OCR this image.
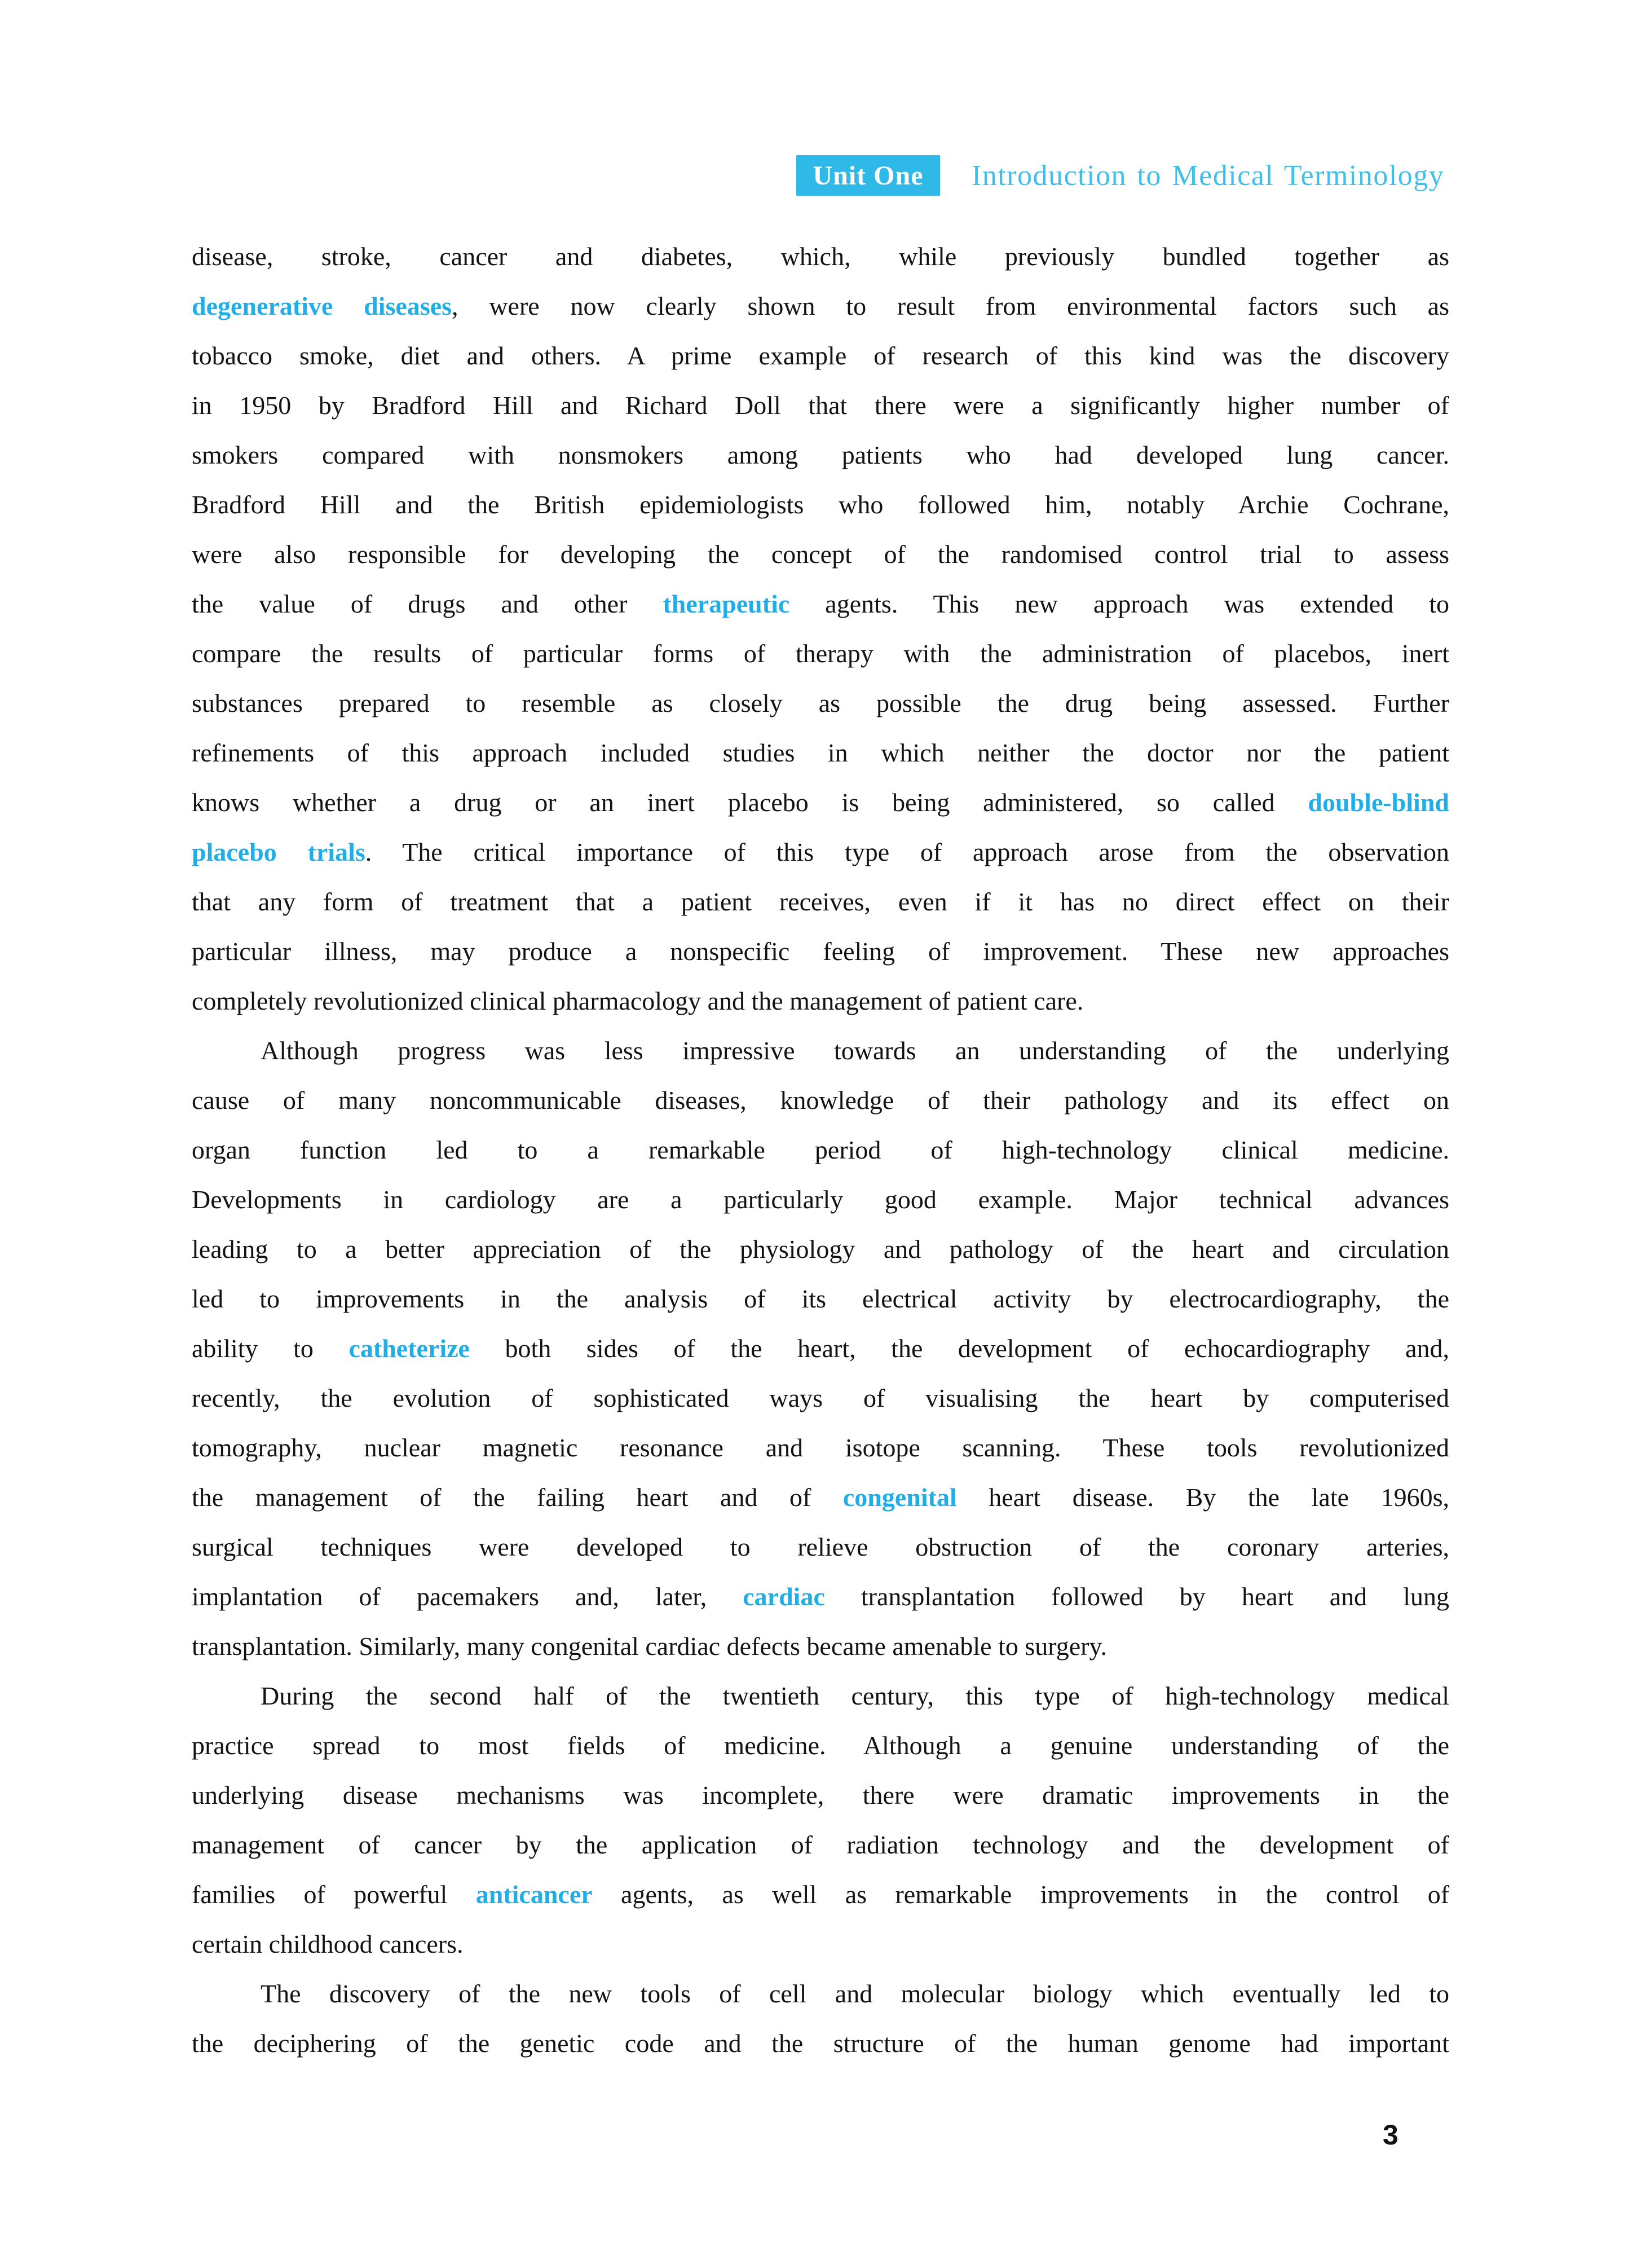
Unit One	Introduction to Medical Terminology
disease, stroke, cancer and diabetes, which, while previously bundled together as
degenerative diseases, were now clearly shown to result from environmental factors such as
tobacco smoke, diet and others. A prime example of research of this kind was the discovery
in 1950 by Bradford Hill and Richard Doll that there were a significantly higher number of
smokers compared with nonsmokers among patients who had developed lung cancer.
Bradford Hill and the British epidemiologists who followed him, notably Archie Cochrane,
were also responsible for developing the concept of the randomised control trial to assess
the value of drugs and other therapeutic agents. This new approach was extended to
compare the results of particular forms of therapy with the administration of placebos, inert
substances prepared to resemble as closely as possible the drug being assessed. Further
refinements of this approach included studies in which neither the doctor nor the patient
knows whether a drug or an inert placebo is being administered, so called double-blind
placebo trials. The critical importance of this type of approach arose from the observation
that any form of treatment that a patient receives, even if it has no direct effect on their
particular illness, may produce a nonspecific feeling of improvement. These new approaches
completely revolutionized clinical pharmacology and the management of patient care.
Although progress was less impressive towards an understanding of the underlying
cause of many noncommunicable diseases, knowledge of their pathology and its effect on
organ function led to a remarkable period of high-technology clinical medicine.
Developments in cardiology are a particularly good example. Major technical advances
leading to a better appreciation of the physiology and pathology of the heart and circulation
led to improvements in the analysis of its electrical activity by electrocardiography, the
ability to catheterize both sides of the heart, the development of echocardiography and,
recently, the evolution of sophisticated ways of visualising the heart by computerised
tomography, nuclear magnetic resonance and isotope scanning. These tools revolutionized
the management of the failing heart and of congenital heart disease. By the late 1960s,
surgical techniques were developed to relieve obstruction of the coronary arteries,
implantation of pacemakers and, later, cardiac transplantation followed by heart and lung
transplantation. Similarly, many congenital cardiac defects became amenable to surgery.
During the second half of the twentieth century, this type of high-technology medical
practice spread to most fields of medicine. Although a genuine understanding of the
underlying disease mechanisms was incomplete, there were dramatic improvements in the
management of cancer by the application of radiation technology and the development of
families of powerful anticancer agents, as well as remarkable improvements in the control of
certain childhood cancers.
The discovery of the new tools of cell and molecular biology which eventually led to
the deciphering of the genetic code and the structure of the human genome had important
3
